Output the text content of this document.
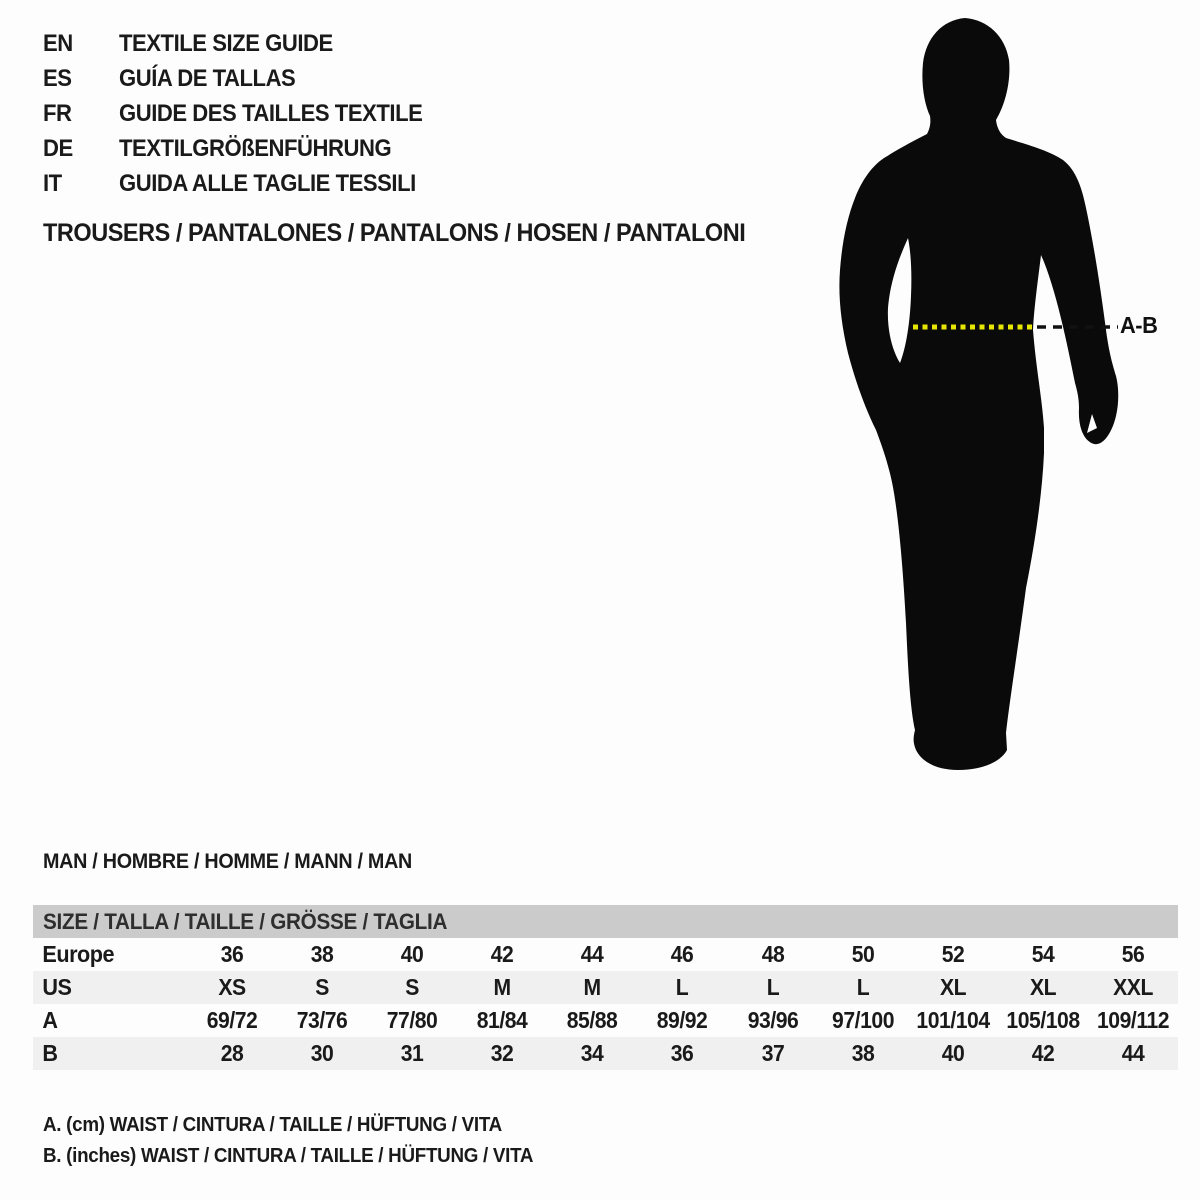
EN	TEXTILE SIZE GUIDE
ES	GUÍA DE TALLAS
FR	GUIDE DES TAILLES TEXTILE
DE	TEXTILGRÖßENFÜHRUNG
IT	GUIDA ALLE TAGLIE TESSILI
TROUSERS / PANTALONES / PANTALONS / HOSEN / PANTALONI
A-B
MAN / HOMBRE / HOMME / MANN / MAN
SIZE / TALLA / TAILLE / GRÖSSE / TAGLIA
Europe	36	38	40	42	44	46	48	50	52	54	56
US	XS	S	S	M	M	L	L	L	XL	XL	XXL
A	69/72	73/76	77/80	81/84	85/88	89/92	93/96	97/100 101/104 105/108 109/112
B	28	30	31	32	34	36	37	38	40	42	44
A. (cm) WAIST / CINTURA / TAILLE / HÜFTUNG / VITA
B. (inches) WAIST / CINTURA / TAILLE / HÜFTUNG / VITA
